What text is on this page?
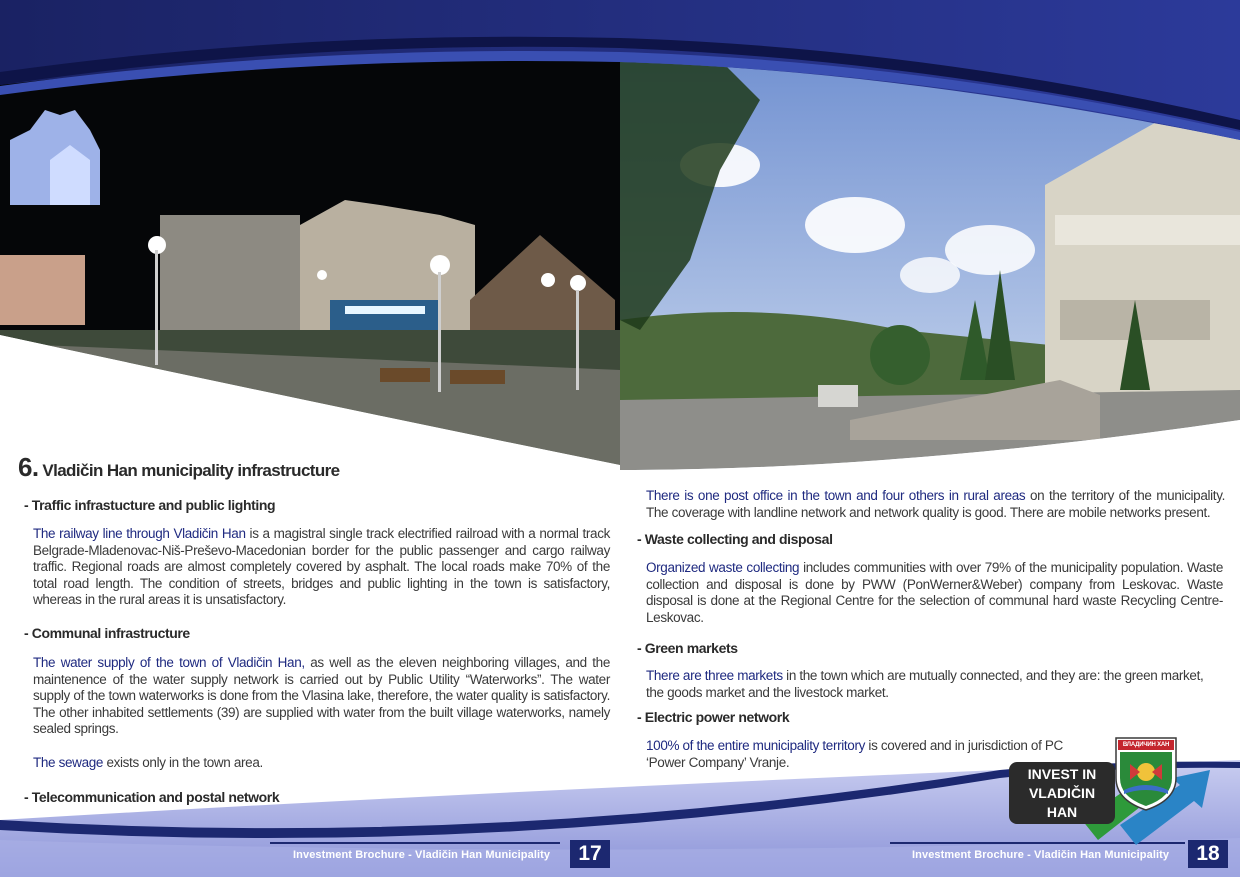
ВЛАДИЧИН ХАН
6. Vladičin Han municipality infrastructure
- Traffic infrastucture and public lighting
The railway line through Vladičin Han is a magistral single track electrified railroad with a normal track Belgrade-Mladenovac-Niš-Preševo-Macedonian border for the public passenger and cargo railway traffic. Regional roads are almost completely covered by asphalt. The local roads make 70% of the total road length. The condition of streets, bridges and public lighting in the town is satisfactory, whereas in the rural areas it is unsatisfactory.
- Communal infrastructure
The water supply of the town of Vladičin Han, as well as the eleven neighboring villages, and the maintenence of the water supply network is carried out by Public Utility “Waterworks”. The water supply of the town waterworks is done from the Vlasina lake, therefore, the water quality is satisfactory. The other inhabited settlements (39) are supplied with water from the built village waterworks, namely sealed springs.
The sewage exists only in the town area.
- Telecommunication and postal network
There is one post office in the town and four others in rural areas on the territory of the municipality. The coverage with landline network and network quality is good. There are mobile networks present.
- Waste collecting and disposal
Organized waste collecting includes communities with over 79% of the municipality population. Waste collection and disposal is done by PWW (PonWerner&Weber) company from Leskovac. Waste disposal is done at the Regional Centre for the selection of communal hard waste Recycling Centre-Leskovac.
- Green markets
There are three markets in the town which are mutually connected, and they are: the green market, the goods market and the livestock market.
- Electric power network
100% of the entire municipality territory is covered and in jurisdiction of PC ‘Power Company’ Vranje.
INVEST IN
VLADIČIN
HAN
Investment Brochure - Vladičin Han Municipality	17	Investment Brochure - Vladičin Han Municipality	18
